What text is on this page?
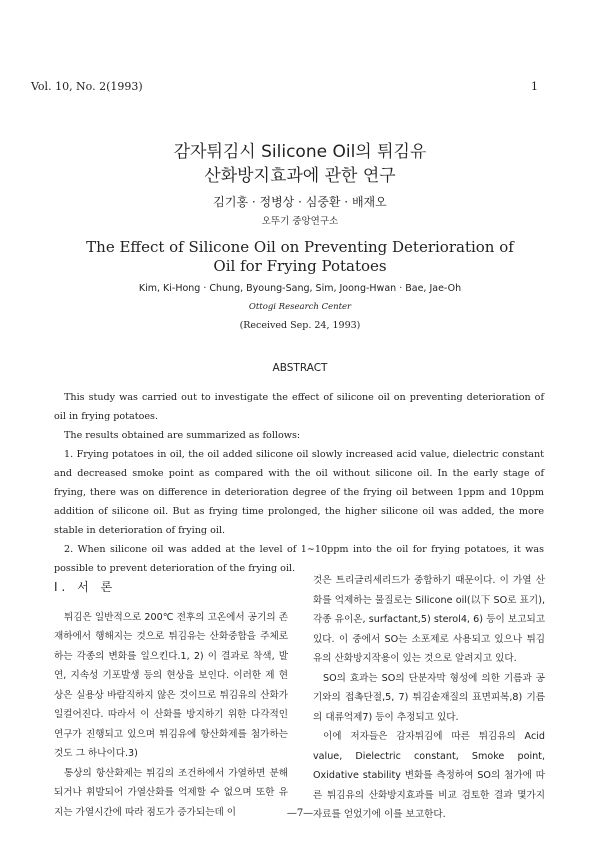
Vol. 10, No. 2(1993)	1
감자튀김시 Silicone Oil의 튀김유
산화방지효과에 관한 연구
김기홍 · 정병상 · 심중환 · 배재오
오뚜기 중앙연구소
The Effect of Silicone Oil on Preventing Deterioration of
Oil for Frying Potatoes
Kim, Ki-Hong · Chung, Byoung-Sang, Sim, Joong-Hwan · Bae, Jae-Oh
Ottogi Research Center
(Received Sep. 24, 1993)
ABSTRACT

This study was carried out to investigate the effect of silicone oil on preventing deterioration of oil in frying potatoes.

The results obtained are summarized as follows:

1. Frying potatoes in oil, the oil added silicone oil slowly increased acid value, dielectric constant and decreased smoke point as compared with the oil without silicone oil. In the early stage of frying, there was on difference in deterioration degree of the frying oil between 1ppm and 10ppm addition of silicone oil. But as frying time prolonged, the higher silicone oil was added, the more stable in deterioration of frying oil.

2. When silicone oil was added at the level of 1∼10ppm into the oil for frying potatoes, it was possible to prevent deterioration of the frying oil.

I. 서 론

튀김은 일반적으로 200℃ 전후의 고온에서 공기의 존재하에서 행해지는 것으로 튀김유는 산화중합을 주체로 하는 각종의 변화를 일으킨다.1, 2) 이 결과로 착색, 발연, 지속성 기포발생 등의 현상을 보인다. 이러한 제 현상은 실용상 바람직하지 않은 것이므로 튀김유의 산화가 일컬어진다. 따라서 이 산화를 방지하기 위한 다각적인 연구가 진행되고 있으며 튀김유에 항산화제를 첨가하는 것도 그 하나이다.3)

통상의 항산화제는 튀김의 조건하에서 가열하면 분해되거나 휘발되어 가열산화를 억제할 수 없으며 또한 유지는 가열시간에 따라 점도가 증가되는데 이

것은 트리글리세리드가 중합하기 때문이다. 이 가열 산화를 억제하는 물질로는 Silicone oil(以下 SO로 표기), 각종 유이온, surfactant,5) sterol4, 6) 등이 보고되고 있다. 이 중에서 SO는 소포제로 사용되고 있으나 튀김유의 산화방지작용이 있는 것으로 알려지고 있다.

SO의 효과는 SO의 단분자막 형성에 의한 기름과 공기와의 접촉단절,5, 7) 튀김솥재질의 표면피복,8) 기름의 대류억제7) 등이 추정되고 있다.

이에 저자들은 감자튀김에 따른 튀김유의 Acid value, Dielectric constant, Smoke point, Oxidative stability 변화를 측정하여 SO의 첨가에 따른 튀김유의 산화방지효과를 비교 검토한 결과 몇가지 자료를 얻었기에 이를 보고한다.

—7—
